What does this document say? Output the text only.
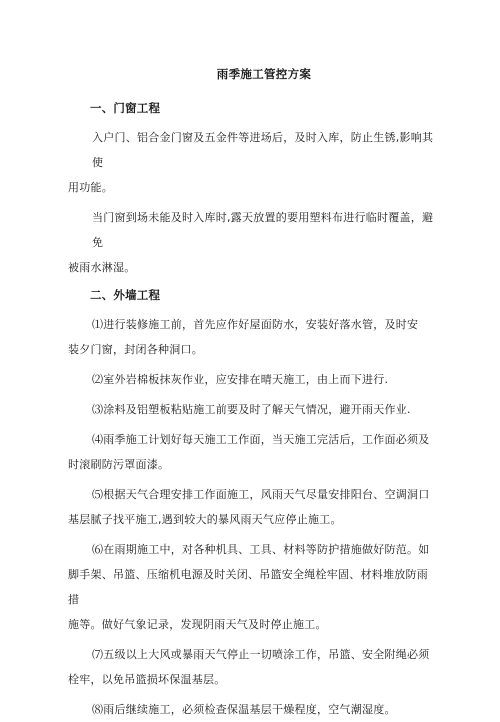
雨季施工管控方案
一、门窗工程
入户门、铝合金门窗及五金件等进场后，及时入库，防止生锈,影响其使
用功能。
当门窗到场未能及时入库时,露天放置的要用塑料布进行临时覆盖，避免
被雨水淋湿。
二、外墙工程
⑴进行装修施工前，首先应作好屋面防水，安装好落水管，及时安
装夕门窗，封闭各种洞口。
⑵室外岩棉板抹灰作业，应安排在晴天施工，由上而下进行.
⑶涂料及铝塑板粘贴施工前要及时了解天气情况，避开雨天作业.
⑷雨季施工计划好每天施工工作面，当天施工完活后，工作面必须及
时滚刷防污罩面漆。
⑸根据天气合理安排工作面施工，风雨天气尽量安排阳台、空调洞口
基层腻子找平施工,遇到较大的暴风雨天气应停止施工。
⑹在雨期施工中，对各种机具、工具、材料等防护措施做好防范。如
脚手架、吊篮、压缩机电源及时关闭、吊篮安全绳栓牢固、材料堆放防雨措
施等。做好气象记录，发现阴雨天气及时停止施工。
⑺五级以上大风或暴雨天气停止一切喷涂工作，吊篮、安全附绳必须
栓牢，以免吊篮损坏保温基层。
⑻雨后继续施工，必须检查保温基层干燥程度，空气潮湿度。
